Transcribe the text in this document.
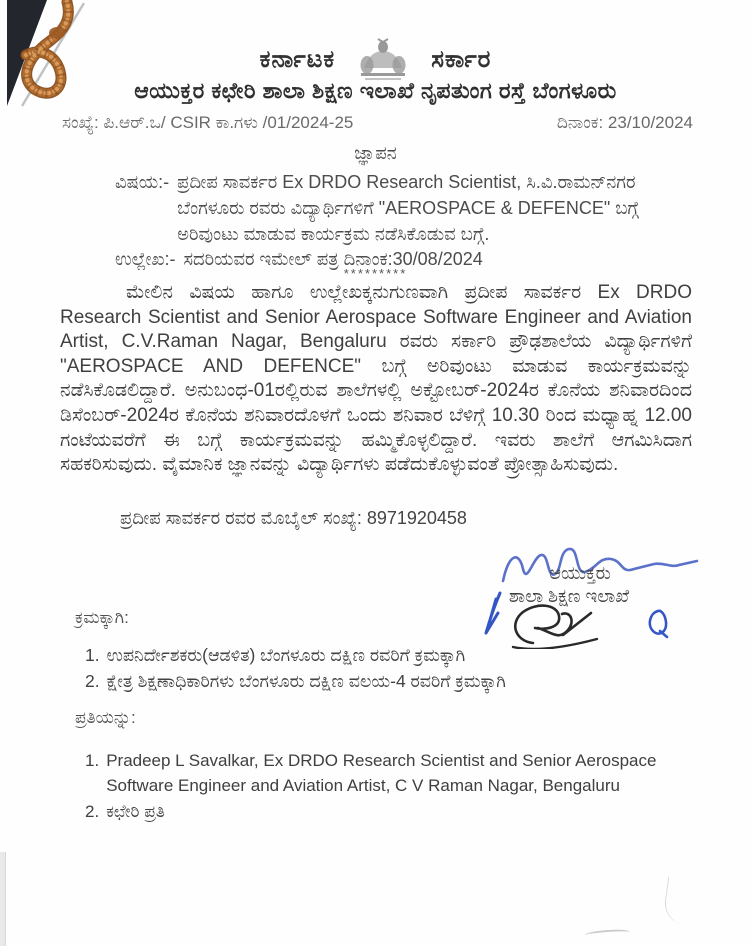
ಕರ್ನಾಟಕ	ಸರ್ಕಾರ
ಆಯುಕ್ತರ ಕಛೇರಿ ಶಾಲಾ ಶಿಕ್ಷಣ ಇಲಾಖೆ ನೃಪತುಂಗ ರಸ್ತೆ ಬೆಂಗಳೂರು
ಸಂಖ್ಯೆ: ಪಿ.ಆರ್.ಒ/ CSIR ಕಾ.ಗಳು /01/2024-25	ದಿನಾಂಕ: 23/10/2024
ಜ್ಞಾಪನ
ವಿಷಯ:- ಪ್ರದೀಪ ಸಾವರ್ಕರ Ex DRDO Research Scientist, ಸಿ.ವಿ.ರಾಮನ್‌ನಗರ ಬೆಂಗಳೂರು ರವರು ವಿದ್ಯಾರ್ಥಿಗಳಿಗೆ "AEROSPACE & DEFENCE" ಬಗ್ಗೆ ಅರಿವುಂಟು ಮಾಡುವ ಕಾರ್ಯಕ್ರಮ ನಡೆಸಿಕೊಡುವ ಬಗ್ಗೆ.
ಉಲ್ಲೇಖ:- ಸದರಿಯವರ ಇಮೇಲ್ ಪತ್ರ ದಿನಾಂಕ:30/08/2024
*********
ಮೇಲಿನ ವಿಷಯ ಹಾಗೂ ಉಲ್ಲೇಖಕ್ಕನುಗುಣವಾಗಿ ಪ್ರದೀಪ ಸಾವರ್ಕರ Ex DRDO Research Scientist and Senior Aerospace Software Engineer and Aviation Artist, C.V.Raman Nagar, Bengaluru ರವರು ಸರ್ಕಾರಿ ಪ್ರೌಢಶಾಲೆಯ ವಿದ್ಯಾರ್ಥಿಗಳಿಗೆ "AEROSPACE AND DEFENCE" ಬಗ್ಗೆ ಅರಿವುಂಟು ಮಾಡುವ ಕಾರ್ಯಕ್ರಮವನ್ನು ನಡೆಸಿಕೊಡಲಿದ್ದಾರೆ. ಅನುಬಂಧ-01ರಲ್ಲಿರುವ ಶಾಲೆಗಳಲ್ಲಿ ಅಕ್ಟೋಬರ್-2024ರ ಕೊನೆಯ ಶನಿವಾರದಿಂದ ಡಿಸೆಂಬರ್-2024ರ ಕೊನೆಯ ಶನಿವಾರದೊಳಗೆ ಒಂದು ಶನಿವಾರ ಬೆಳಿಗ್ಗೆ 10.30 ರಿಂದ ಮಧ್ಯಾಹ್ನ 12.00 ಗಂಟೆಯವರೆಗೆ ಈ ಬಗ್ಗೆ ಕಾರ್ಯಕ್ರಮವನ್ನು ಹಮ್ಮಿಕೊಳ್ಳಲಿದ್ದಾರೆ. ಇವರು ಶಾಲೆಗೆ ಆಗಮಿಸಿದಾಗ ಸಹಕರಿಸುವುದು. ವೈಮಾನಿಕ ಜ್ಞಾನವನ್ನು ವಿದ್ಯಾರ್ಥಿಗಳು ಪಡೆದುಕೊಳ್ಳುವಂತೆ ಪ್ರೋತ್ಸಾಹಿಸುವುದು.
ಪ್ರದೀಪ ಸಾವರ್ಕರ ರವರ ಮೊಬೈಲ್ ಸಂಖ್ಯೆ: 8971920458
ಆಯುಕ್ತರು
ಶಾಲಾ ಶಿಕ್ಷಣ ಇಲಾಖೆ
ಕ್ರಮಕ್ಕಾಗಿ:
1. ಉಪನಿರ್ದೇಶಕರು(ಆಡಳಿತ) ಬೆಂಗಳೂರು ದಕ್ಷಿಣ ರವರಿಗೆ ಕ್ರಮಕ್ಕಾಗಿ
2. ಕ್ಷೇತ್ರ ಶಿಕ್ಷಣಾಧಿಕಾರಿಗಳು ಬೆಂಗಳೂರು ದಕ್ಷಿಣ ವಲಯ-4 ರವರಿಗೆ ಕ್ರಮಕ್ಕಾಗಿ
ಪ್ರತಿಯನ್ನು:
1. Pradeep L Savalkar, Ex DRDO Research Scientist and Senior Aerospace Software Engineer and Aviation Artist, C V Raman Nagar, Bengaluru
2. ಕಛೇರಿ ಪ್ರತಿ
